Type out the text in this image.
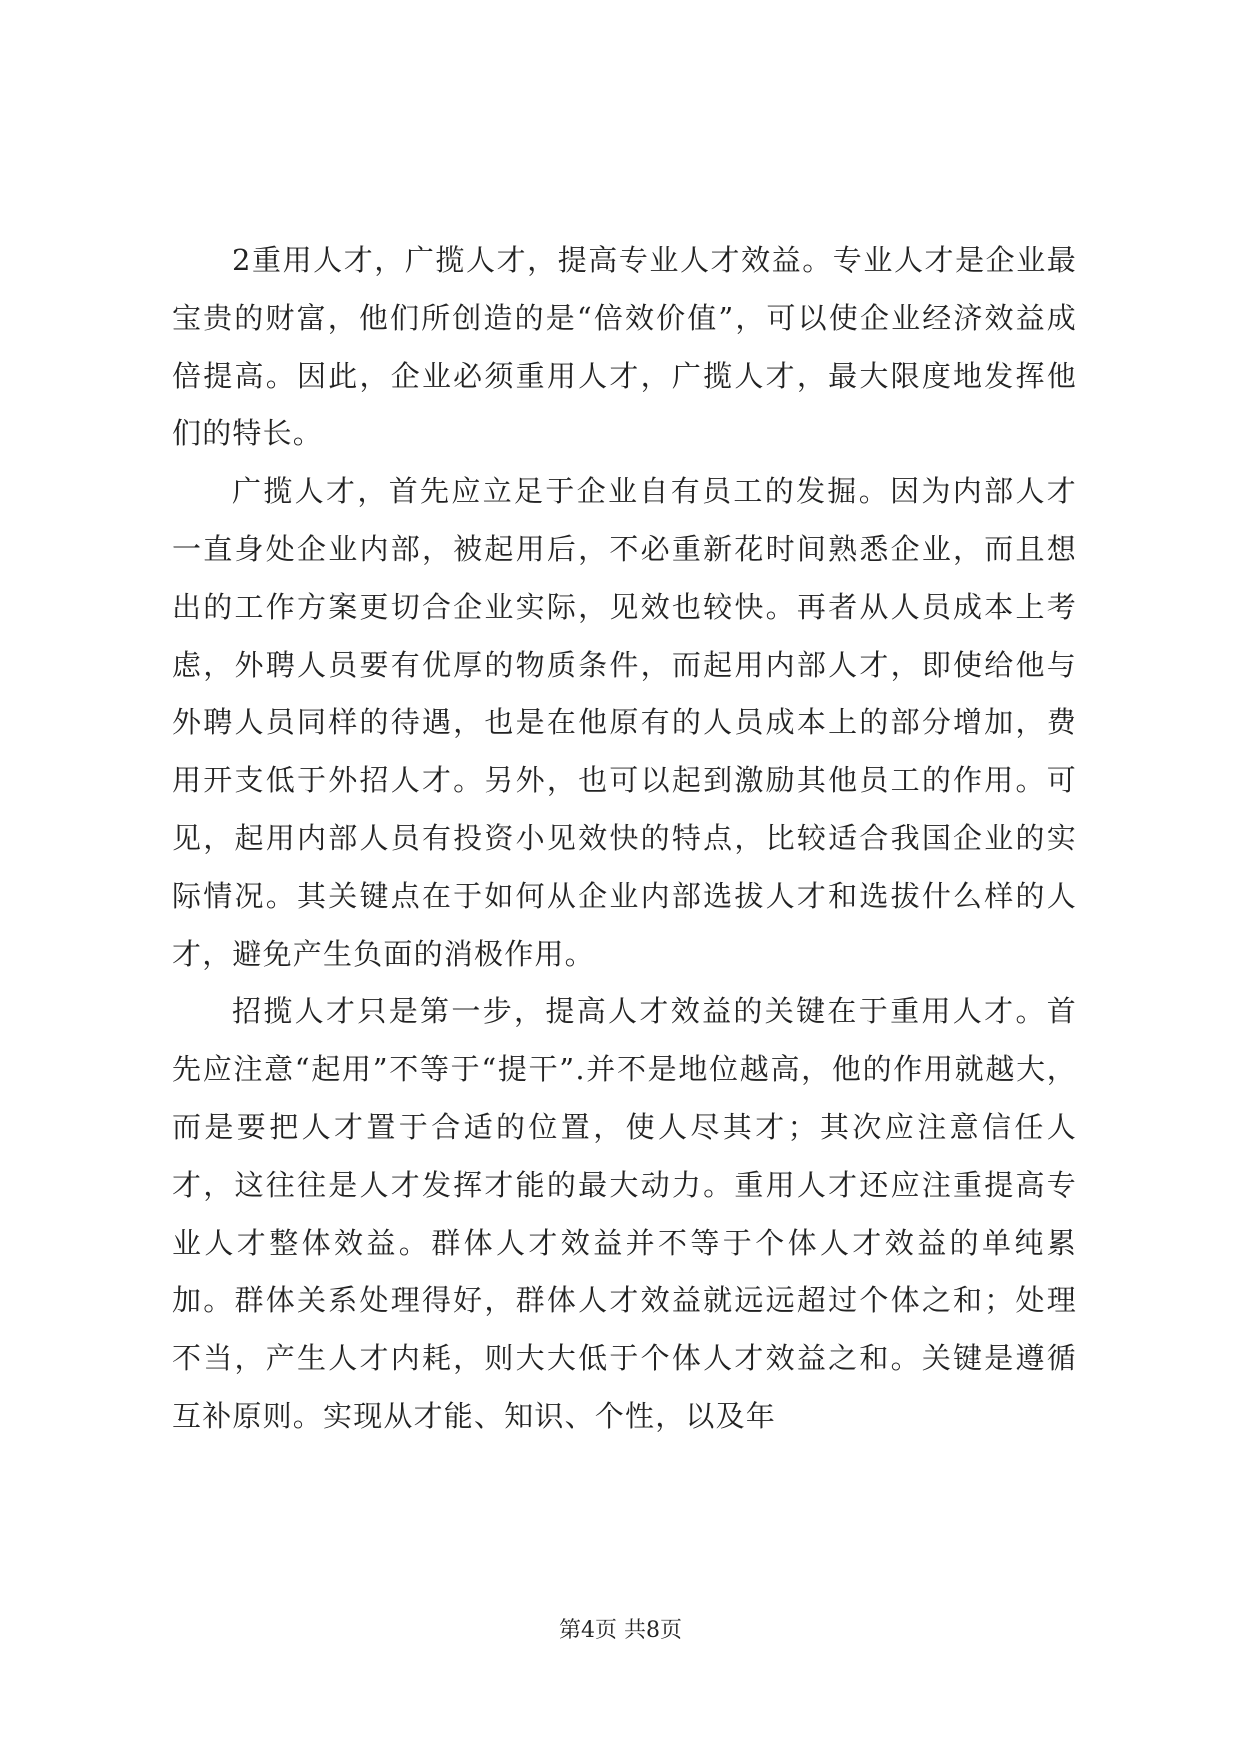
2重用人才，广揽人才，提高专业人才效益。专业人才是企业最宝贵的财富，他们所创造的是“倍效价值”，可以使企业经济效益成倍提高。因此，企业必须重用人才，广揽人才，最大限度地发挥他们的特长。

广揽人才，首先应立足于企业自有员工的发掘。因为内部人才一直身处企业内部，被起用后，不必重新花时间熟悉企业，而且想出的工作方案更切合企业实际，见效也较快。再者从人员成本上考虑，外聘人员要有优厚的物质条件，而起用内部人才，即使给他与外聘人员同样的待遇，也是在他原有的人员成本上的部分增加，费用开支低于外招人才。另外，也可以起到激励其他员工的作用。可见，起用内部人员有投资小见效快的特点，比较适合我国企业的实际情况。其关键点在于如何从企业内部选拔人才和选拔什么样的人才，避免产生负面的消极作用。

招揽人才只是第一步，提高人才效益的关键在于重用人才。首先应注意“起用”不等于“提干”.并不是地位越高，他的作用就越大，而是要把人才置于合适的位置，使人尽其才；其次应注意信任人才，这往往是人才发挥才能的最大动力。重用人才还应注重提高专业人才整体效益。群体人才效益并不等于个体人才效益的单纯累加。群体关系处理得好，群体人才效益就远远超过个体之和；处理不当，产生人才内耗，则大大低于个体人才效益之和。关键是遵循互补原则。实现从才能、知识、个性，以及年

第4页 共8页
